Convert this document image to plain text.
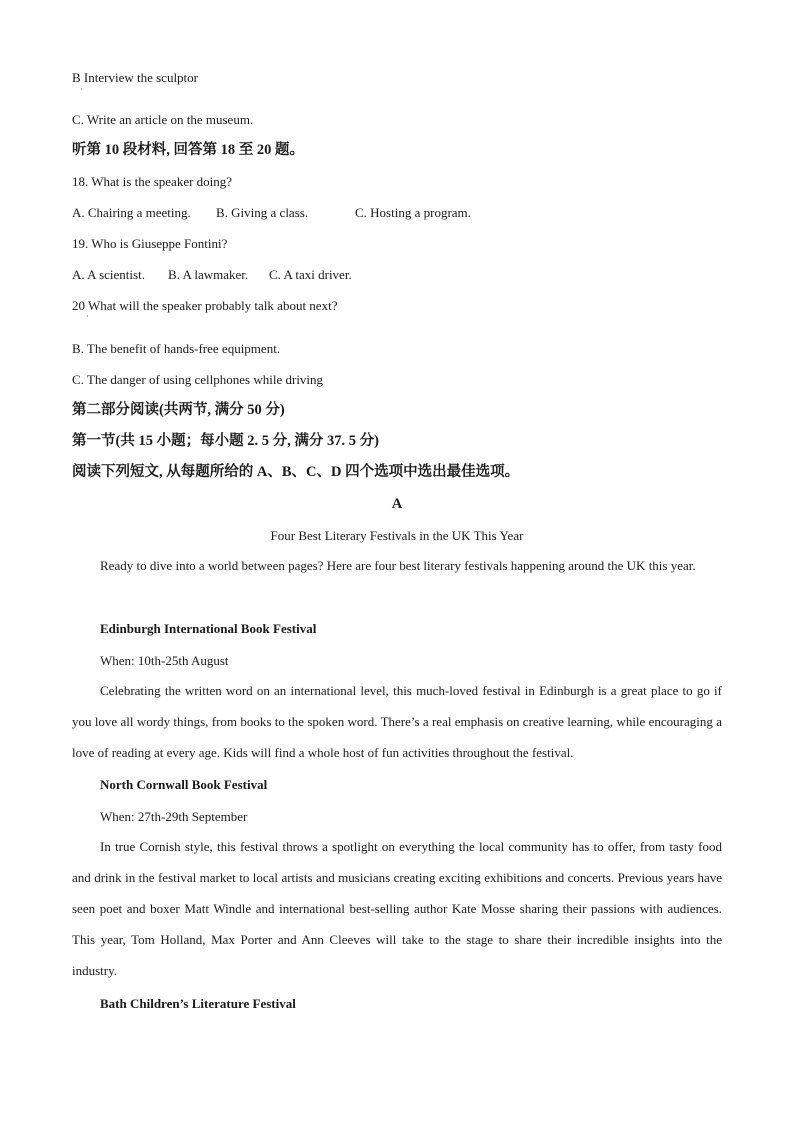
B Interview the sculptor
·
C. Write an article on the museum.
听第 10 段材料, 回答第 18 至 20 题。
18. What is the speaker doing?
A. Chairing a meeting. B. Giving a class.	C. Hosting a program.
19. Who is Giuseppe Fontini?
A. A scientist. B. A lawmaker. C. A taxi driver.
20 What will the speaker probably talk about next?
·
B. The benefit of hands-free equipment.
C. The danger of using cellphones while driving
第二部分阅读(共两节, 满分 50 分)
第一节(共 15 小题；每小题 2. 5 分, 满分 37. 5 分)
阅读下列短文, 从每题所给的 A、B、C、D 四个选项中选出最佳选项。
A
Four Best Literary Festivals in the UK This Year
Ready to dive into a world between pages? Here are four best literary festivals happening around the UK this year.
Edinburgh International Book Festival
When: 10th-25th August
Celebrating the written word on an international level, this much-loved festival in Edinburgh is a great place to go if you love all wordy things, from books to the spoken word. There’s a real emphasis on creative learning, while encouraging a love of reading at every age. Kids will find a whole host of fun activities throughout the festival.
North Cornwall Book Festival
When: 27th-29th September
In true Cornish style, this festival throws a spotlight on everything the local community has to offer, from tasty food and drink in the festival market to local artists and musicians creating exciting exhibitions and concerts. Previous years have seen poet and boxer Matt Windle and international best-selling author Kate Mosse sharing their passions with audiences. This year, Tom Holland, Max Porter and Ann Cleeves will take to the stage to share their incredible insights into the industry.
Bath Children’s Literature Festival
